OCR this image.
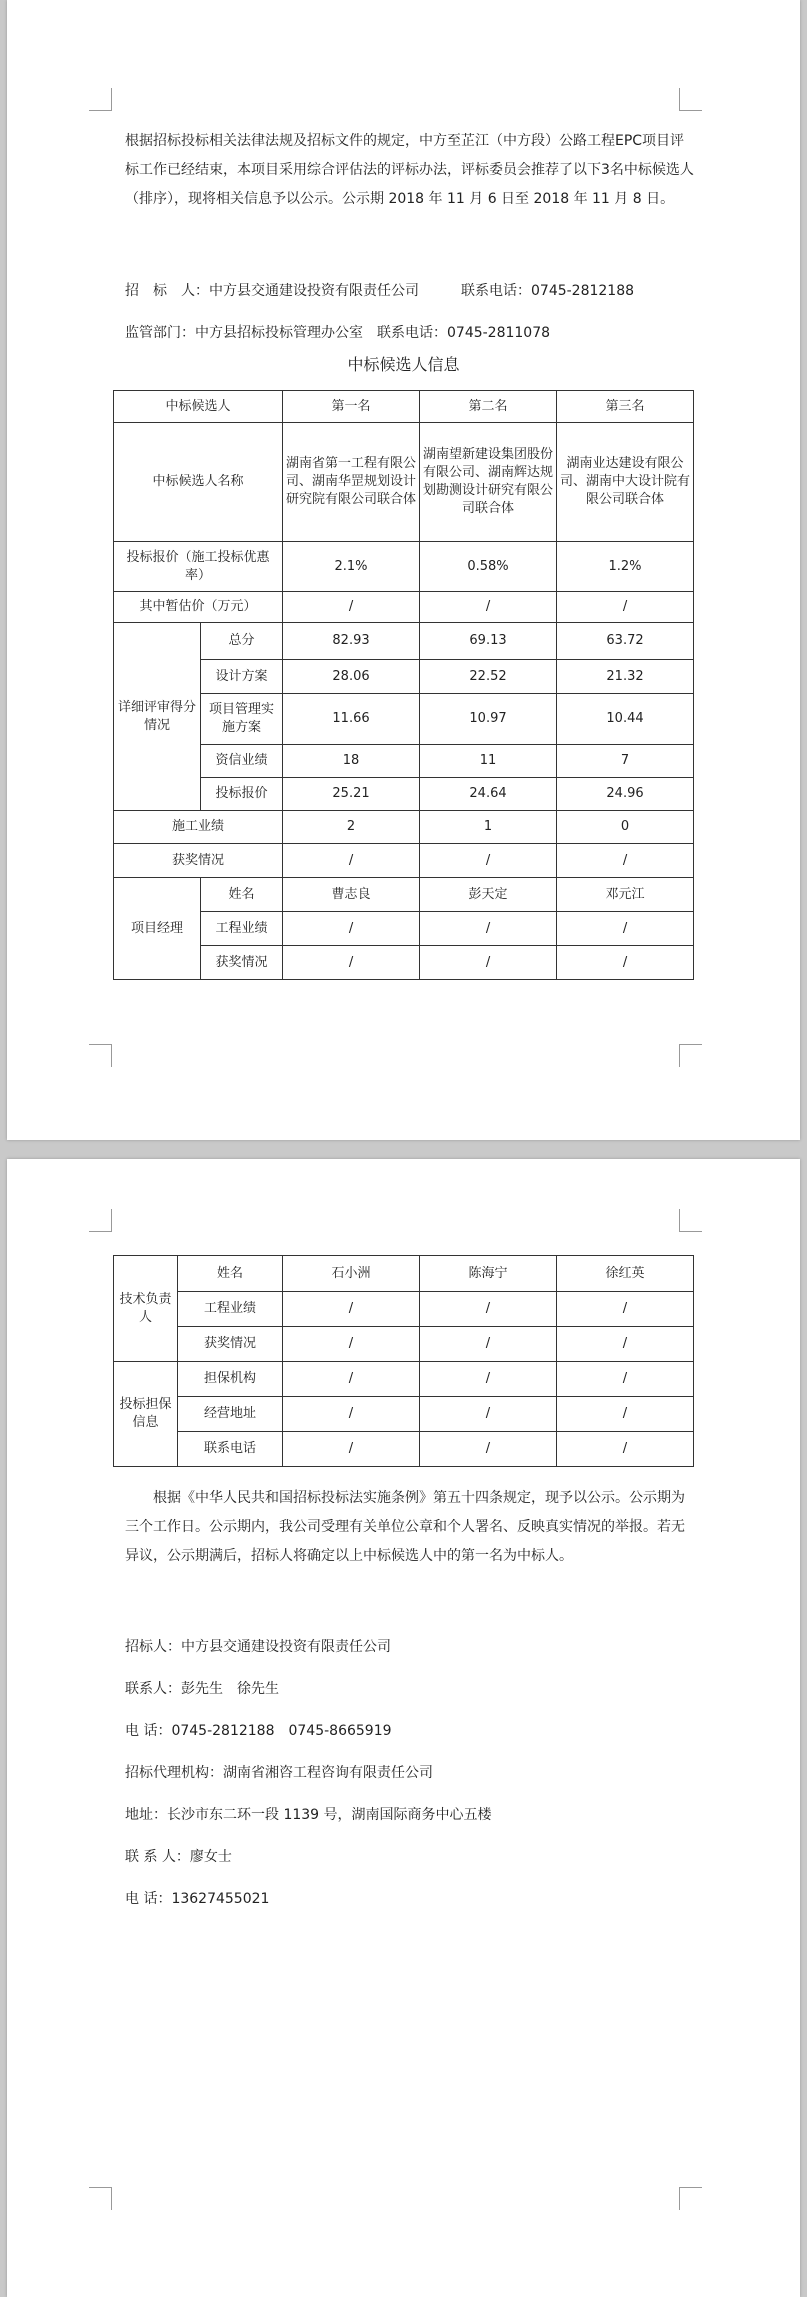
根据招标投标相关法律法规及招标文件的规定，中方至芷江（中方段）公路工程EPC项目评标工作已经结束，本项目采用综合评估法的评标办法，评标委员会推荐了以下3名中标候选人（排序），现将相关信息予以公示。公示期 2018 年 11 月 6 日至 2018 年 11 月 8 日。

招　标　人：中方县交通建设投资有限责任公司　　　联系电话：0745-2812188
监管部门：中方县招标投标管理办公室　联系电话：0745-2811078
中标候选人信息
中标候选人		第一名	第二名	第三名
中标候选人名称		湖南省第一工程有限公司、湖南华罡规划设计研究院有限公司联合体	湖南望新建设集团股份有限公司、湖南辉达规划勘测设计研究有限公司联合体	湖南业达建设有限公司、湖南中大设计院有限公司联合体
投标报价（施工投标优惠率）		2.1%	0.58%	1.2%
其中暂估价（万元）		/	/	/
详细评审得分情况	总分	82.93	69.13	63.72
	设计方案	28.06	22.52	21.32
	项目管理实施方案	11.66	10.97	10.44
	资信业绩	18	11	7
	投标报价	25.21	24.64	24.96
施工业绩		2	1	0
获奖情况		/	/	/
项目经理	姓名	曹志良	彭天定	邓元江
	工程业绩	/	/	/
	获奖情况	/	/	/
技术负责人	姓名	石小洲	陈海宁	徐红英
	工程业绩	/	/	/
	获奖情况	/	/	/
投标担保信息	担保机构	/	/	/
	经营地址	/	/	/
	联系电话	/	/	/

根据《中华人民共和国招标投标法实施条例》第五十四条规定，现予以公示。公示期为三个工作日。公示期内，我公司受理有关单位公章和个人署名、反映真实情况的举报。若无异议，公示期满后，招标人将确定以上中标候选人中的第一名为中标人。

招标人：中方县交通建设投资有限责任公司
联系人：彭先生　徐先生
电 话：0745-2812188　0745-8665919
招标代理机构：湖南省湘咨工程咨询有限责任公司
地址：长沙市东二环一段 1139 号，湖南国际商务中心五楼
联 系 人：廖女士
电 话：13627455021
